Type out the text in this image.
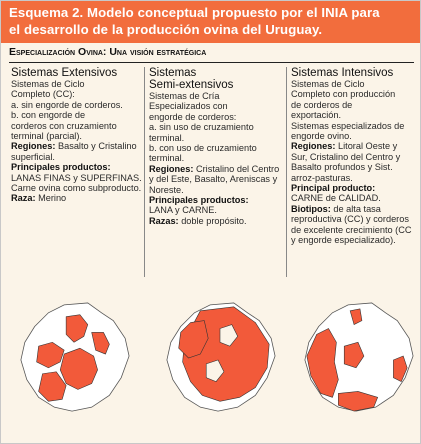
Esquema 2. Modelo conceptual propuesto por el INIA para
el desarrollo de la producción ovina del Uruguay.
Especialización Ovina: Una visión estratégica

Sistemas Extensivos

Sistemas de Ciclo

Completo (CC):

a. sin engorde de corderos.

b. con engorde de

corderos con cruzamiento

terminal (parcial).

Regiones: Basalto y Cristalino superficial.

Principales productos:

LANAS FINAS y SUPERFINAS.

Carne ovina como subproducto.

Raza: Merino

Sistemas

Semi-extensivos

Sistemas de Cría

Especializados con

engorde de corderos:

a. sin uso de cruzamiento

terminal.

b. con uso de cruzamiento

terminal.

Regiones: Cristalino del Centro y del Este, Basalto, Areniscas y Noreste.

Principales productos:

LANA y CARNE.

Razas: doble propósito.

Sistemas Intensivos

Sistemas de Ciclo

Completo con producción

de corderos de

exportación.

Sistemas especializados de

engorde ovino.

Regiones: Litoral Oeste y Sur, Cristalino del Centro y Basalto profundos y Sist. arroz-pasturas.

Principal producto:

CARNE de CALIDAD.

Biotipos: de alta tasa reproductiva (CC) y corderos de excelente crecimiento (CC y engorde especializado).
